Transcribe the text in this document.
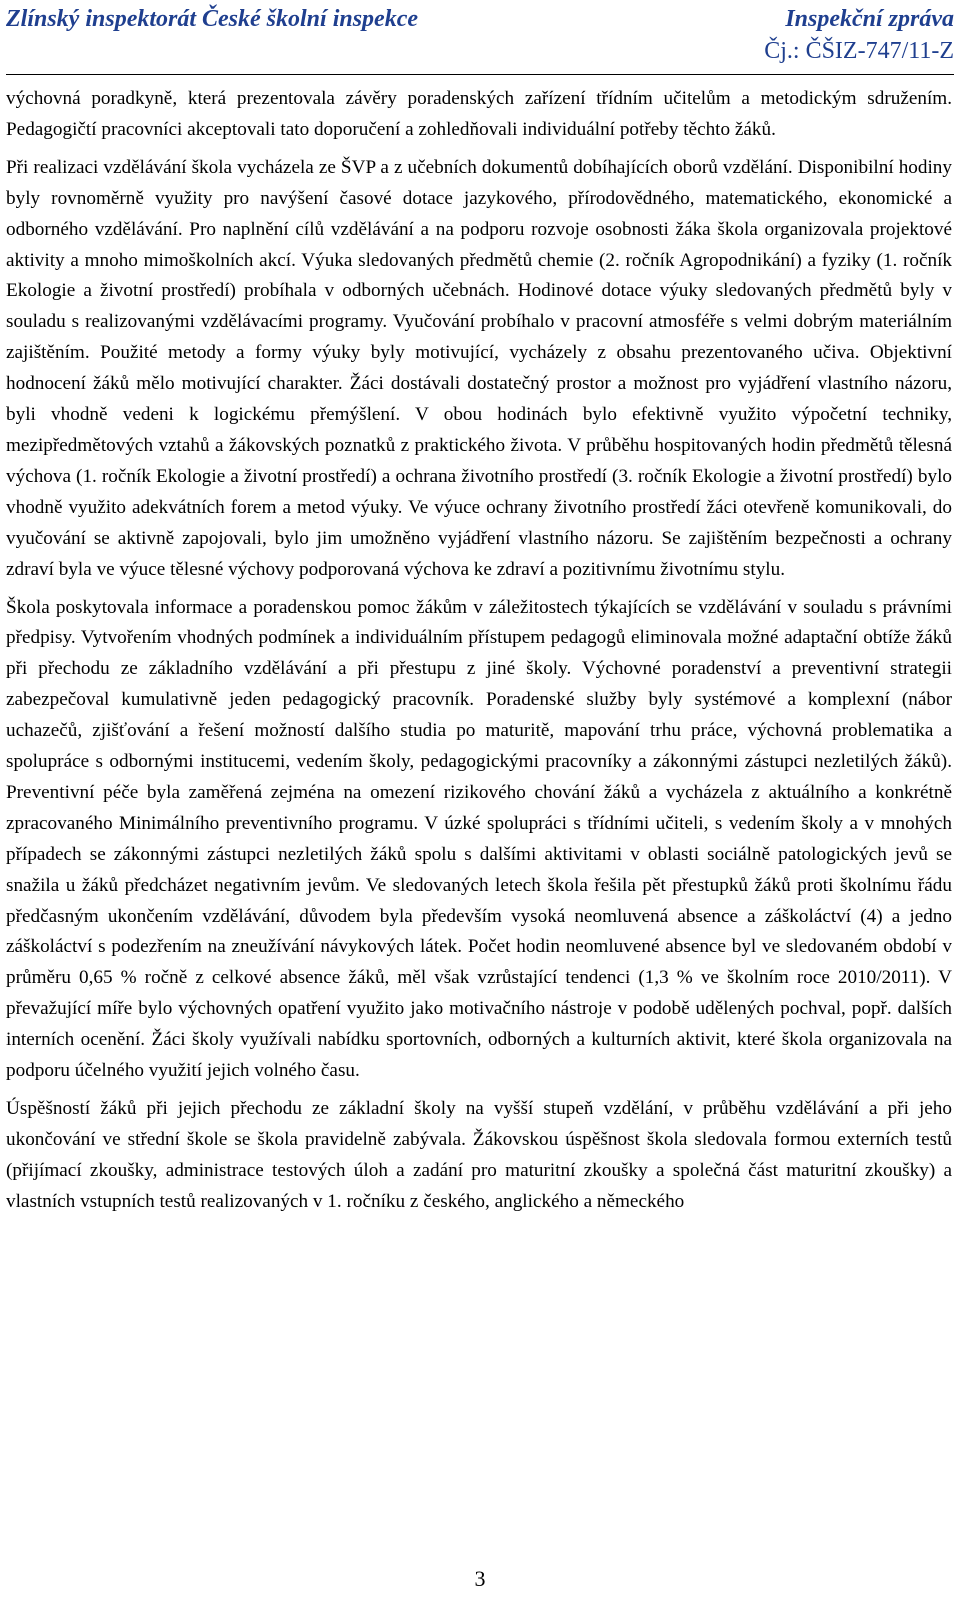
Zlínský inspektorát České školní inspekce	Inspekční zpráva
Čj.: ČŠIZ-747/11-Z

výchovná poradkyně, která prezentovala závěry poradenských zařízení třídním učitelům a metodickým sdružením. Pedagogičtí pracovníci akceptovali tato doporučení a zohledňovali individuální potřeby těchto žáků.

Při realizaci vzdělávání škola vycházela ze ŠVP a z učebních dokumentů dobíhajících oborů vzdělání. Disponibilní hodiny byly rovnoměrně využity pro navýšení časové dotace jazykového, přírodovědného, matematického, ekonomické a odborného vzdělávání. Pro naplnění cílů vzdělávání a na podporu rozvoje osobnosti žáka škola organizovala projektové aktivity a mnoho mimoškolních akcí. Výuka sledovaných předmětů chemie (2. ročník Agropodnikání) a fyziky (1. ročník Ekologie a životní prostředí) probíhala v odborných učebnách. Hodinové dotace výuky sledovaných předmětů byly v souladu s realizovanými vzdělávacími programy. Vyučování probíhalo v pracovní atmosféře s velmi dobrým materiálním zajištěním. Použité metody a formy výuky byly motivující, vycházely z obsahu prezentovaného učiva. Objektivní hodnocení žáků mělo motivující charakter. Žáci dostávali dostatečný prostor a možnost pro vyjádření vlastního názoru, byli vhodně vedeni k logickému přemýšlení. V obou hodinách bylo efektivně využito výpočetní techniky, mezipředmětových vztahů a žákovských poznatků z praktického života. V průběhu hospitovaných hodin předmětů tělesná výchova (1. ročník Ekologie a životní prostředí) a ochrana životního prostředí (3. ročník Ekologie a životní prostředí) bylo vhodně využito adekvátních forem a metod výuky. Ve výuce ochrany životního prostředí žáci otevřeně komunikovali, do vyučování se aktivně zapojovali, bylo jim umožněno vyjádření vlastního názoru. Se zajištěním bezpečnosti a ochrany zdraví byla ve výuce tělesné výchovy podporovaná výchova ke zdraví a pozitivnímu životnímu stylu.

Škola poskytovala informace a poradenskou pomoc žákům v záležitostech týkajících se vzdělávání v souladu s právními předpisy. Vytvořením vhodných podmínek a individuálním přístupem pedagogů eliminovala možné adaptační obtíže žáků při přechodu ze základního vzdělávání a při přestupu z jiné školy. Výchovné poradenství a preventivní strategii zabezpečoval kumulativně jeden pedagogický pracovník. Poradenské služby byly systémové a komplexní (nábor uchazečů, zjišťování a řešení možností dalšího studia po maturitě, mapování trhu práce, výchovná problematika a spolupráce s odbornými institucemi, vedením školy, pedagogickými pracovníky a zákonnými zástupci nezletilých žáků). Preventivní péče byla zaměřená zejména na omezení rizikového chování žáků a vycházela z aktuálního a konkrétně zpracovaného Minimálního preventivního programu. V úzké spolupráci s třídními učiteli, s vedením školy a v mnohých případech se zákonnými zástupci nezletilých žáků spolu s dalšími aktivitami v oblasti sociálně patologických jevů se snažila u žáků předcházet negativním jevům. Ve sledovaných letech škola řešila pět přestupků žáků proti školnímu řádu předčasným ukončením vzdělávání, důvodem byla především vysoká neomluvená absence a záškoláctví (4) a jedno záškoláctví s podezřením na zneužívání návykových látek. Počet hodin neomluvené absence byl ve sledovaném období v průměru 0,65 % ročně z celkové absence žáků, měl však vzrůstající tendenci (1,3 % ve školním roce 2010/2011). V převažující míře bylo výchovných opatření využito jako motivačního nástroje v podobě udělených pochval, popř. dalších interních ocenění. Žáci školy využívali nabídku sportovních, odborných a kulturních aktivit, které škola organizovala na podporu účelného využití jejich volného času.

Úspěšností žáků při jejich přechodu ze základní školy na vyšší stupeň vzdělání, v průběhu vzdělávání a při jeho ukončování ve střední škole se škola pravidelně zabývala. Žákovskou úspěšnost škola sledovala formou externích testů (přijímací zkoušky, administrace testových úloh a zadání pro maturitní zkoušky a společná část maturitní zkoušky) a vlastních vstupních testů realizovaných v 1. ročníku z českého, anglického a německého

3
